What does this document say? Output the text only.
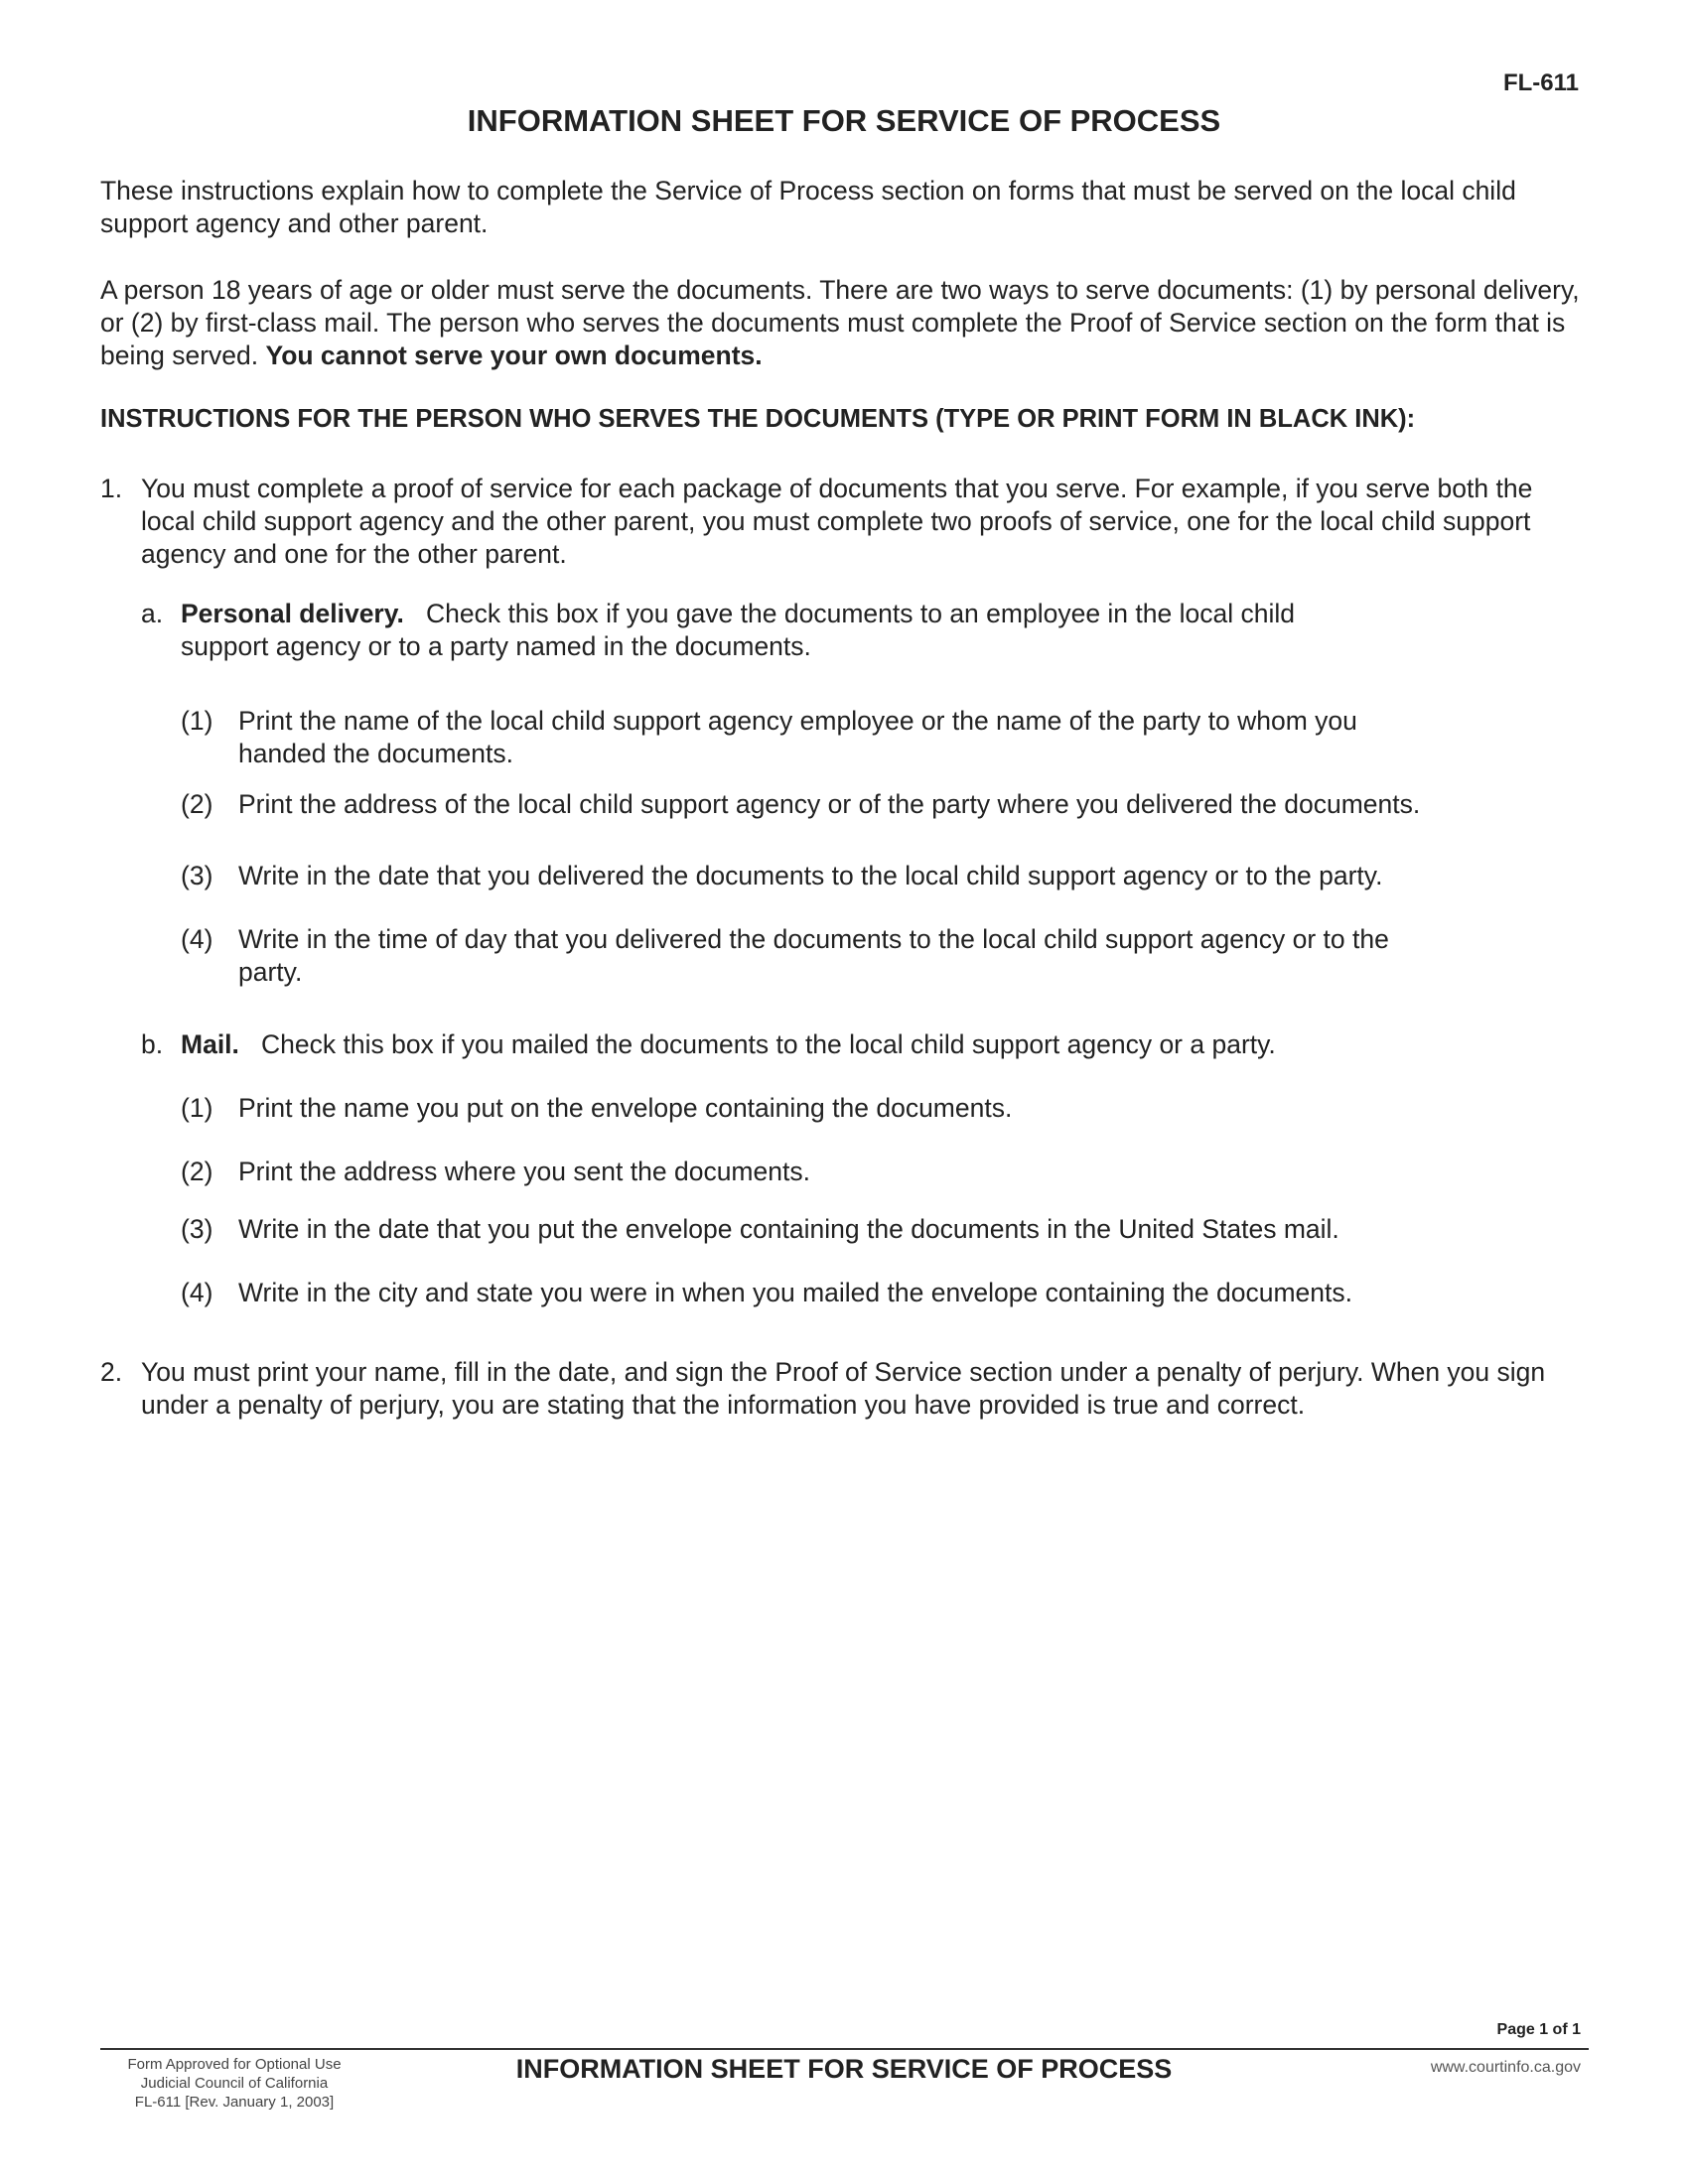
FL-611
INFORMATION SHEET FOR SERVICE OF PROCESS
These instructions explain how to complete the Service of Process section on forms that must be served on the local child support agency and other parent.
A person 18 years of age or older must serve the documents. There are two ways to serve documents: (1) by personal delivery, or (2) by first-class mail. The person who serves the documents must complete the Proof of Service section on the form that is being served. You cannot serve your own documents.
INSTRUCTIONS FOR THE PERSON WHO SERVES THE DOCUMENTS (TYPE OR PRINT FORM IN BLACK INK):
1. You must complete a proof of service for each package of documents that you serve. For example, if you serve both the local child support agency and the other parent, you must complete two proofs of service, one for the local child support agency and one for the other parent.
a. Personal delivery. Check this box if you gave the documents to an employee in the local child support agency or to a party named in the documents.
(1) Print the name of the local child support agency employee or the name of the party to whom you handed the documents.
(2) Print the address of the local child support agency or of the party where you delivered the documents.
(3) Write in the date that you delivered the documents to the local child support agency or to the party.
(4) Write in the time of day that you delivered the documents to the local child support agency or to the party.
b. Mail. Check this box if you mailed the documents to the local child support agency or a party.
(1) Print the name you put on the envelope containing the documents.
(2) Print the address where you sent the documents.
(3) Write in the date that you put the envelope containing the documents in the United States mail.
(4) Write in the city and state you were in when you mailed the envelope containing the documents.
2. You must print your name, fill in the date, and sign the Proof of Service section under a penalty of perjury. When you sign under a penalty of perjury, you are stating that the information you have provided is true and correct.
Page 1 of 1
Form Approved for Optional Use
Judicial Council of California
FL-611 [Rev. January 1, 2003]
INFORMATION SHEET FOR SERVICE OF PROCESS	www.courtinfo.ca.gov
